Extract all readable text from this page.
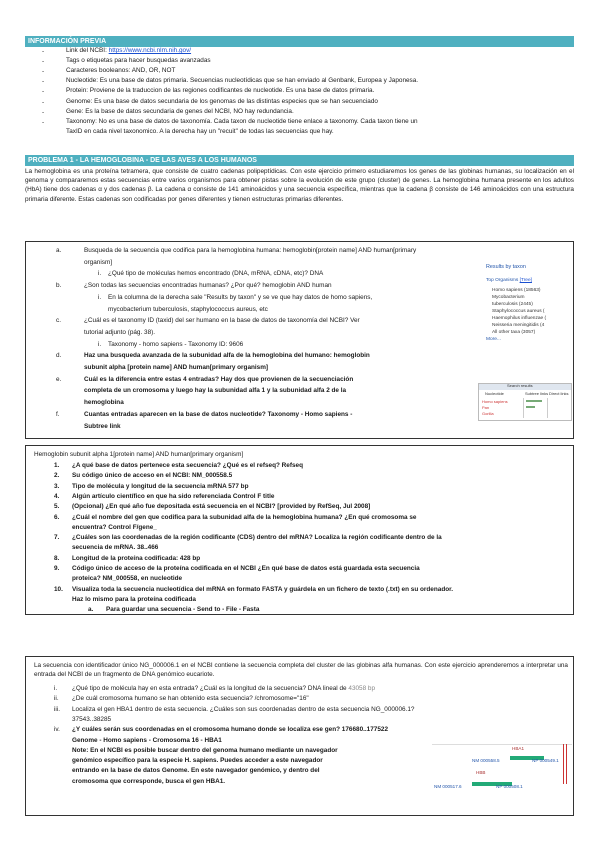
INFORMACIÓN PREVIA
-	Link del NCBI: https://www.ncbi.nlm.nih.gov/
-	Tags o etiquetas para hacer busquedas avanzadas
-	Caracteres booleanos: AND, OR, NOT
-	Nucleotide: Es una base de datos primaria. Secuencias nucleotídicas que se han enviado al Genbank, Europea y Japonesa.
-	Protein: Proviene de la traduccion de las regiones codificantes de nucleotide. Es una base de datos primaria.
-	Genome: Es una base de datos secundaria de los genomas de las distintas especies que se han secuenciado
-	Gene: Es la base de datos secundaria de genes del NCBI, NO hay redundancia.
-	Taxonomy: No es una base de datos de taxonomía. Cada taxon de nucleotide tiene enlace a taxonomy. Cada taxon tiene un
TaxID en cada nivel taxonomico. A la derecha hay un "recuit" de todas las secuencias que hay.
PROBLEMA 1 - LA HEMOGLOBINA - DE LAS AVES A LOS HUMANOS
La hemoglobina es una proteína tetramera, que consiste de cuatro cadenas polipeptídicas. Con este ejercicio primero estudiaremos los genes de las globinas humanas, su localización en el genoma y compararemos estas secuencias entre varios organismos para obtener pistas sobre la evolución de este grupo (cluster) de genes. La hemoglobina humana presente en los adultos (HbA) tiene dos cadenas α y dos cadenas β. La cadena α consiste de 141 aminoácidos y una secuencia específica, mientras que la cadena β consiste de 146 aminoácidos con una estructura primaria diferente. Estas cadenas son codificadas por genes diferentes y tienen estructuras primarias diferentes.
a.	Busqueda de la secuencia que codifica para la hemoglobina humana: hemoglobin[protein name] AND human[primary
organism]
i. ¿Qué tipo de moléculas hemos encontrado (DNA, mRNA, cDNA, etc)? DNA
b.	¿Son todas las secuencias encontradas humanas? ¿Por qué? hemoglobin AND human
i. En la columna de la derecha sale "Results by taxon" y se ve que hay datos de homo sapiens,
mycobacterium tuberculosis, staphylococcus aureus, etc
c.	¿Cuál es el taxonomy ID (taxid) del ser humano en la base de datos de taxonomía del NCBI? Ver
tutorial adjunto (pág. 38).
i. Taxonomy - homo sapiens - Taxonomy ID: 9606
d.	Haz una busqueda avanzada de la subunidad alfa de la hemoglobina del humano: hemoglobin
subunit alpha [protein name] AND human[primary organism]
e.	Cuál es la diferencia entre estas 4 entradas? Hay dos que provienen de la secuenciación
completa de un cromosoma y luego hay la subunidad alfa 1 y la subunidad alfa 2 de la
hemoglobina
f.	Cuantas entradas aparecen en la base de datos nucleotide? Taxonomy - Homo sapiens -
Subtree link
Results by taxon
Top Organisms [Tree]
Homo sapiens (18563)
Mycobacterium
tuberculosis (2445)
Staphylococcus aureus (
Haemophilus influenzae (
Neisseria meningitidis (4
All other taxa (3057)
More...
Search results
Nucleotide	Subtree links Direct links
Homo sapiens
Pan
Gorilla
Hemoglobin subunit alpha 1[protein name] AND human[primary organism]
1. ¿A qué base de datos pertenece esta secuencia? ¿Qué es el refseq? Refseq
2. Su código único de acceso en el NCBI: NM_000558.5
3. Tipo de molécula y longitud de la secuencia mRNA 577 bp
4. Algún artículo científico en que ha sido referenciada Control F title
5. (Opcional) ¿En qué año fue depositada está secuencia en el NCBI? [provided by RefSeq, Jul 2008]
6. ¿Cuál el nombre del gen que codifica para la subunidad alfa de la hemoglobina humana? ¿En qué cromosoma se
encuentra? Control F/gene_
7. ¿Cuáles son las coordenadas de la región codificante (CDS) dentro del mRNA? Localiza la región codificante dentro de la
secuencia de mRNA. 38..466
8. Longitud de la proteína codificada: 428 bp
9. Código único de acceso de la proteína codificada en el NCBI ¿En qué base de datos está guardada esta secuencia
proteica? NM_000558, en nucleotide
10. Visualiza toda la secuencia nucleotídica del mRNA en formato FASTA y guárdela en un fichero de texto (.txt) en su ordenador.
Haz lo mismo para la proteína codificada
a. Para guardar una secuencia - Send to - File - Fasta
La secuencia con identificador único NG_000006.1 en el NCBI contiene la secuencia completa del cluster de las globinas alfa humanas. Con este ejercicio aprenderemos a interpretar una entrada del NCBI de un fragmento de DNA genómico eucariote.
i. ¿Qué tipo de molécula hay en esta entrada? ¿Cuál es la longitud de la secuencia? DNA lineal de 43058 bp
ii. ¿De cuál cromosoma humano se han obtenido esta secuencia? /chromosome="16"
iii. Localiza el gen HBA1 dentro de esta secuencia. ¿Cuáles son sus coordenadas dentro de esta secuencia NG_000006.1?
37543..38285
iv. ¿Y cuáles serán sus coordenadas en el cromosoma humano donde se localiza ese gen? 176680..177522
Genome - Homo sapiens - Cromosoma 16 - HBA1
Note: En el NCBI es posible buscar dentro del genoma humano mediante un navegador
genómico específico para la especie H. sapiens. Puedes acceder a este navegador
entrando en la base de datos Genome. En este navegador genómico, y dentro del
cromosoma que corresponde, busca el gen HBA1.
HBA1
NM 000558.5	NP 000549.1
HBB
NM 000517.6	NP 000508.1
